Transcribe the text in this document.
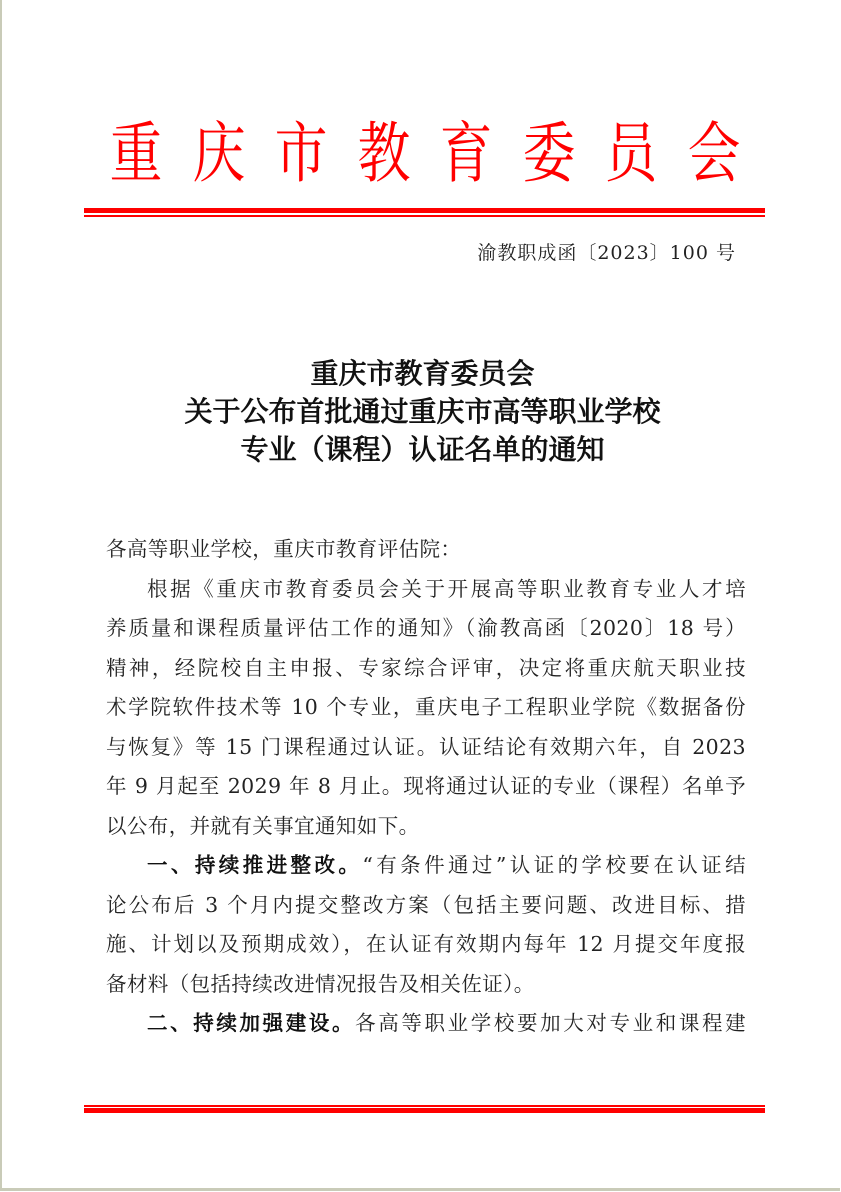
重 庆 市 教 育 委 员 会
渝教职成函〔2023〕100 号
重庆市教育委员会
关于公布首批通过重庆市高等职业学校
专业（课程）认证名单的通知

各高等职业学校，重庆市教育评估院：

根据《重庆市教育委员会关于开展高等职业教育专业人才培
养质量和课程质量评估工作的通知》（渝教高函〔2020〕18 号）
精神，经院校自主申报、专家综合评审，决定将重庆航天职业技
术学院软件技术等 10 个专业，重庆电子工程职业学院《数据备份
与恢复》等 15 门课程通过认证。认证结论有效期六年，自 2023
年 9 月起至 2029 年 8 月止。现将通过认证的专业（课程）名单予
以公布，并就有关事宜通知如下。

一、持续推进整改。“有条件通过”认证的学校要在认证结
论公布后 3 个月内提交整改方案（包括主要问题、改进目标、措
施、计划以及预期成效），在认证有效期内每年 12 月提交年度报
备材料（包括持续改进情况报告及相关佐证）。

二、持续加强建设。各高等职业学校要加大对专业和课程建
